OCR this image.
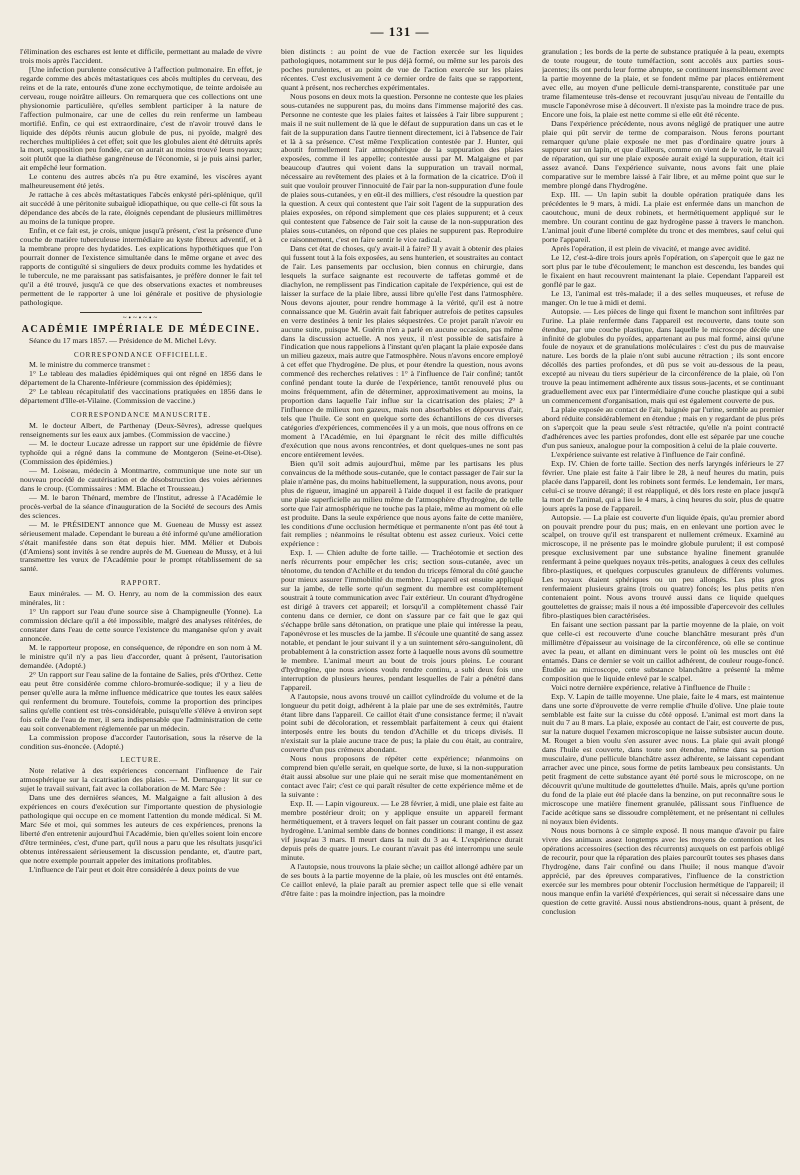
— 131 —

l'élimination des eschares est lente et difficile, permettant au malade de vivre trois mois après l'accident.

[Une infection purulente consécutive à l'affection pulmonaire. En effet, je regarde comme des abcès métastatiques ces abcès multiples du cerveau, des reins et de la rate, entourés d'une zone ecchymotique, de teinte ardoisée au cerveau, rouge noirâtre ailleurs. On remarquera que ces collections ont une physionomie particulière, qu'elles semblent participer à la nature de l'affection pulmonaire, car une de celles du rein renferme un lambeau mortifié. Enfin, ce qui est extraordinaire, c'est de n'avoir trouvé dans le liquide des dépôts réunis aucun globule de pus, ni pyoïde, malgré des recherches multipliées à cet effet; soit que les globules aient été détruits après la mort, supposition peu fondée, car on aurait au moins trouvé leurs noyaux; soit plutôt que la diathèse gangréneuse de l'économie, si je puis ainsi parler, ait empêché leur formation.

Le contenu des autres abcès n'a pu être examiné, les viscères ayant malheureusement été jetés.

Je rattache à ces abcès métastatiques l'abcès enkysté péri-splénique, qu'il ait succédé à une péritonite subaiguë idiopathique, ou que celle-ci fût sous la dépendance des abcès de la rate, éloignés cependant de plusieurs millimètres au moins de la tunique propre.

Enfin, et ce fait est, je crois, unique jusqu'à présent, c'est la présence d'une couche de matière tuberculeuse intermédiaire au kyste fibreux adventif, et à la membrane propre des hydatides. Les explications hypothétiques que l'on pourrait donner de l'existence simultanée dans le même organe et avec des rapports de contiguïté si singuliers de deux produits comme les hydatides et le tubercule, ne me paraissant pas satisfaisantes, je préfère donner le fait tel qu'il a été trouvé, jusqu'à ce que des observations exactes et nombreuses permettent de le rapporter à une loi générale et positive de physiologie pathologique.

~•~•~•~
ACADÉMIE IMPÉRIALE DE MÉDECINE.

Séance du 17 mars 1857. — Présidence de M. Michel Lévy.

CORRESPONDANCE OFFICIELLE.

M. le ministre du commerce transmet :

1° Le tableau des maladies épidémiques qui ont régné en 1856 dans le département de la Charente-Inférieure (commission des épidémies);

2° Le tableau récapitulatif des vaccinations pratiquées en 1856 dans le département d'Ille-et-Vilaine. (Commission de vaccine.)

CORRESPONDANCE MANUSCRITE.

M. le docteur Albert, de Parthenay (Deux-Sèvres), adresse quelques renseignements sur les eaux aux jambes. (Commission de vaccine.)

— M. le docteur Lucaze adresse un rapport sur une épidémie de fièvre typhoïde qui a régné dans la commune de Montgeron (Seine-et-Oise). (Commission des épidémies.)

— M. Loiseau, médecin à Montmartre, communique une note sur un nouveau procédé de cautérisation et de désobstruction des voies aériennes dans le croup. (Commissaires : MM. Blache et Trousseau.)

— M. le baron Thénard, membre de l'Institut, adresse à l'Académie le procès-verbal de la séance d'inauguration de la Société de secours des Amis des sciences.

— M. le PRÉSIDENT annonce que M. Gueneau de Mussy est assez sérieusement malade. Cependant le bureau a été informé qu'une amélioration s'était manifestée dans son état depuis hier. MM. Mélier et Dubois (d'Amiens) sont invités à se rendre auprès de M. Gueneau de Mussy, et à lui transmettre les vœux de l'Académie pour le prompt rétablissement de sa santé.

RAPPORT.

Eaux minérales. — M. O. Henry, au nom de la commission des eaux minérales, lit :

1° Un rapport sur l'eau d'une source sise à Champigneulle (Yonne). La commission déclare qu'il a été impossible, malgré des analyses réitérées, de constater dans l'eau de cette source l'existence du manganèse qu'on y avait annoncée.

M. le rapporteur propose, en conséquence, de répondre en son nom à M. le ministre qu'il n'y a pas lieu d'accorder, quant à présent, l'autorisation demandée. (Adopté.)

2° Un rapport sur l'eau saline de la fontaine de Salies, près d'Orthez. Cette eau peut être considérée comme chloro-bromurée-sodique; il y a lieu de penser qu'elle aura la même influence médicatrice que toutes les eaux salées qui renferment du bromure. Toutefois, comme la proportion des principes salins qu'elle contient est très-considérable, puisqu'elle s'élève à environ sept fois celle de l'eau de mer, il sera indispensable que l'administration de cette eau soit convenablement réglementée par un médecin.

La commission propose d'accorder l'autorisation, sous la réserve de la condition sus-énoncée. (Adopté.)

LECTURE.

Note relative à des expériences concernant l'influence de l'air atmosphérique sur la cicatrisation des plaies. — M. Demarquay lit sur ce sujet le travail suivant, fait avec la collaboration de M. Marc Sée :

Dans une des dernières séances, M. Malgaigne a fait allusion à des expériences en cours d'exécution sur l'importante question de physiologie pathologique qui occupe en ce moment l'attention du monde médical. Si M. Marc Sée et moi, qui sommes les auteurs de ces expériences, prenons la liberté d'en entretenir aujourd'hui l'Académie, bien qu'elles soient loin encore d'être terminées, c'est, d'une part, qu'il nous a paru que les résultats jusqu'ici obtenus intéressaient sérieusement la discussion pendante, et, d'autre part, que notre exemple pourrait appeler des imitations profitables.

L'influence de l'air peut et doit être considérée à deux points de vue

bien distincts : au point de vue de l'action exercée sur les liquides pathologiques, notamment sur le pus déjà formé, ou même sur les parois des poches purulentes, et au point de vue de l'action exercée sur les plaies récentes. C'est exclusivement à ce dernier ordre de faits que se rapportent, quant à présent, nos recherches expérimentales.

Nous posons en deux mots la question. Personne ne conteste que les plaies sous-cutanées ne suppurent pas, du moins dans l'immense majorité des cas. Personne ne conteste que les plaies faites et laissées à l'air libre suppurent ; mais il ne suit nullement de là que le défaut de suppuration dans un cas et le fait de la suppuration dans l'autre tiennent directement, ici à l'absence de l'air et là à sa présence. C'est même l'explication contestée par J. Hunter, qui aboutit formellement l'air atmosphérique de la suppuration des plaies exposées, comme il les appelle; contestée aussi par M. Malgaigne et par beaucoup d'autres qui voient dans la suppuration un travail normal, nécessaire au revêtement des plaies et à la formation de la cicatrice. D'où il suit que vouloir prouver l'innocuité de l'air par la non-suppuration d'une foule de plaies sous-cutanées, y en eût-il des milliers, c'est résoudre la question par la question. A ceux qui contestent que l'air soit l'agent de la suppuration des plaies exposées, on répond simplement que ces plaies suppurent; et à ceux qui contestent que l'absence de l'air soit la cause de la non-suppuration des plaies sous-cutanées, on répond que ces plaies ne suppurent pas. Reproduire ce raisonnement, c'est en faire sentir le vice radical.

Dans cet état de choses, qu'y avait-il à faire? Il y avait à obtenir des plaies qui fussent tout à la fois exposées, au sens hunterien, et soustraites au contact de l'air. Les pansements par occlusion, bien connus en chirurgie, dans lesquels la surface saignante est recouverte de taffetas gommé et de diachylon, ne remplissent pas l'indication capitale de l'expérience, qui est de laisser la surface de la plaie libre, aussi libre qu'elle l'est dans l'atmosphère. Nous devons ajouter, pour rendre hommage à la vérité, qu'il est à notre connaissance que M. Guérin avait fait fabriquer autrefois de petites capsules en verre destinées à tenir les plaies séquestrées. Ce projet paraît n'avoir eu aucune suite, puisque M. Guérin n'en a parlé en aucune occasion, pas même dans la discussion actuelle. A nos yeux, il n'est possible de satisfaire à l'indication que nous rappelions à l'instant qu'en plaçant la plaie exposée dans un milieu gazeux, mais autre que l'atmosphère. Nous n'avons encore employé à cet effet que l'hydrogène. De plus, et pour étendre la question, nous avons commencé des recherches relatives : 1° à l'influence de l'air confiné; tantôt confiné pendant toute la durée de l'expérience, tantôt renouvelé plus ou moins fréquemment, afin de déterminer, approximativement au moins, la proportion dans laquelle l'air influe sur la cicatrisation des plaies; 2° à l'influence de milieux non gazeux, mais non absorbables et dépourvus d'air, tels que l'huile. Ce sont en quelque sorte des échantillons de ces diverses catégories d'expériences, commencées il y a un mois, que nous offrons en ce moment à l'Académie, en lui épargnant le récit des mille difficultés d'exécution que nous avons rencontrées, et dont quelques-unes ne sont pas encore entièrement levées.

Bien qu'il soit admis aujourd'hui, même par les partisans les plus convaincus de la méthode sous-cutanée, que le contact passager de l'air sur la plaie n'amène pas, du moins habituellement, la suppuration, nous avons, pour plus de rigueur, imaginé un appareil à l'aide duquel il est facile de pratiquer une plaie superficielle au milieu même de l'atmosphère d'hydrogène, de telle sorte que l'air atmosphérique ne touche pas la plaie, même au moment où elle est produite. Dans la seule expérience que nous ayons faite de cette manière, les conditions d'une occlusion hermétique et permanente n'ont pas été tout à fait remplies ; néanmoins le résultat obtenu est assez curieux. Voici cette expérience :

Exp. I. — Chien adulte de forte taille. — Trachéotomie et section des nerfs récurrents pour empêcher les cris; section sous-cutanée, avec un ténotome, du tendon d'Achille et du tendon du triceps fémoral du côté gauche pour mieux assurer l'immobilité du membre. L'appareil est ensuite appliqué sur la jambe, de telle sorte qu'un segment du membre est complètement soustrait à toute communication avec l'air extérieur. Un courant d'hydrogène est dirigé à travers cet appareil; et lorsqu'il a complètement chassé l'air contenu dans ce dernier, ce dont on s'assure par ce fait que le gaz qui s'échappe brûle sans détonation, on pratique une plaie qui intéresse la peau, l'aponévrose et les muscles de la jambe. Il s'écoule une quantité de sang assez notable, et pendant le jour suivant il y a un suintement séro-sanguinolent, dû probablement à la constriction assez forte à laquelle nous avons dû soumettre le membre. L'animal meurt au bout de trois jours pleins. Le courant d'hydrogène, que nous avions voulu rendre continu, a subi deux fois une interruption de plusieurs heures, pendant lesquelles de l'air a pénétré dans l'appareil.

A l'autopsie, nous avons trouvé un caillot cylindroïde du volume et de la longueur du petit doigt, adhérent à la plaie par une de ses extrémités, l'autre étant libre dans l'appareil. Ce caillot était d'une consistance ferme; il n'avait point subi de décoloration, et ressemblait parfaitement à ceux qui étaient interposés entre les bouts du tendon d'Achille et du triceps divisés. Il n'existait sur la plaie aucune trace de pus; la plaie du cou était, au contraire, couverte d'un pus crémeux abondant.

Nous nous proposons de répéter cette expérience; néanmoins on comprend bien qu'elle serait, en quelque sorte, de luxe, si la non-suppuration était aussi absolue sur une plaie qui ne serait mise que momentanément en contact avec l'air; c'est ce qui paraît résulter de cette expérience même et de la suivante :

Exp. II. — Lapin vigoureux. — Le 28 février, à midi, une plaie est faite au membre postérieur droit; on y applique ensuite un appareil fermant hermétiquement, et à travers lequel on fait passer un courant continu de gaz hydrogène. L'animal semble dans de bonnes conditions: il mange, il est assez vif jusqu'au 3 mars. Il meurt dans la nuit du 3 au 4. L'expérience durait depuis près de quatre jours. Le courant n'avait pas été interrompu une seule minute.

A l'autopsie, nous trouvons la plaie sèche; un caillot allongé adhère par un de ses bouts à la partie moyenne de la plaie, où les muscles ont été entamés. Ce caillot enlevé, la plaie paraît au premier aspect telle que si elle venait d'être faite : pas la moindre injection, pas la moindre

granulation ; les bords de la perte de substance pratiquée à la peau, exempts de toute rougeur, de toute tuméfaction, sont accolés aux parties sous-jacentes; ils ont perdu leur forme abrupte, se continuent insensiblement avec la partie moyenne de la plaie, et se fondent même par places entièrement avec elle, au moyen d'une pellicule demi-transparente, constituée par une trame filamenteuse très-dense et recouvrant jusqu'au niveau de l'entaille du muscle l'aponévrose mise à découvert. Il n'existe pas la moindre trace de pus. Encore une fois, la plaie est nette comme si elle eût été récente.

Dans l'expérience précédente, nous avons négligé de pratiquer une autre plaie qui pût servir de terme de comparaison. Nous ferons pourtant remarquer qu'une plaie exposée ne met pas d'ordinaire quatre jours à suppurer sur un lapin, et que d'ailleurs, comme on vient de le voir, le travail de réparation, qui sur une plaie exposée aurait exigé la suppuration, était ici assez avancé. Dans l'expérience suivante, nous avons fait une plaie comparative sur le membre laissé à l'air libre, et au même point que sur le membre plongé dans l'hydrogène.

Exp. III. — Un lapin subit la double opération pratiquée dans les précédentes le 9 mars, à midi. La plaie est enfermée dans un manchon de caoutchouc, muni de deux robinets, et hermétiquement appliqué sur le membre. Un courant continu de gaz hydrogène passe à travers le manchon. L'animal jouit d'une liberté complète du tronc et des membres, sauf celui qui porte l'appareil.

Après l'opération, il est plein de vivacité, et mange avec avidité.

Le 12, c'est-à-dire trois jours après l'opération, on s'aperçoit que le gaz ne sort plus par le tube d'écoulement; le manchon est descendu, les bandes qui le fixaient en haut recouvrent maintenant la plaie. Cependant l'appareil est gonflé par le gaz.

Le 13, l'animal est très-malade; il a des selles muqueuses, et refuse de manger. On le tue à midi et demi.

Autopsie. — Les pièces de linge qui fixent le manchon sont infiltrées par l'urine. La plaie renfermée dans l'appareil est recouverte, dans toute son étendue, par une couche plastique, dans laquelle le microscope décèle une infinité de globules du pyoïdes, appartenant au pus mal formé, ainsi qu'une foule de noyaux et de granulations moléculaires : c'est du pus de mauvaise nature. Les bords de la plaie n'ont subi aucune rétraction ; ils sont encore décollés des parties profondes, et dû pus se voit au-dessous de la peau, excepté au niveau du tiers supérieur de la circonférence de la plaie, où l'on trouve la peau intimement adhérente aux tissus sous-jacents, et se continuant graduellement avec eux par l'intermédiaire d'une couche plastique qui a subi un commencement d'organisation, mais qui est également couverte de pus.

La plaie exposée au contact de l'air, baignée par l'urine, semble au premier abord réduite considérablement en étendue ; mais en y regardant de plus près on s'aperçoit que la peau seule s'est rétractée, qu'elle n'a point contracté d'adhérences avec les parties profondes, dont elle est séparée par une couche d'un pus sanieux, analogue pour la composition à celui de la plaie couverte.

L'expérience suivante est relative à l'influence de l'air confiné.

Exp. IV. Chien de forte taille. Section des nerfs laryngés inférieurs le 27 février. Une plaie est faite à l'air libre le 28, à neuf heures du matin, puis placée dans l'appareil, dont les robinets sont fermés. Le lendemain, 1er mars, celui-ci se trouve dérangé; il est réappliqué, et dès lors reste en place jusqu'à la mort de l'animal, qui a lieu le 4 mars, à cinq heures du soir, plus de quatre jours après la pose de l'appareil.

Autopsie. — La plaie est couverte d'un liquide épais, qu'au premier abord on pouvait prendre pour du pus; mais, en en enlevant une portion avec le scalpel, on trouve qu'il est transparent et nullement crémeux. Examiné au microscope, il ne présente pas le moindre globule purulent; il est composé presque exclusivement par une substance hyaline finement granulée renfermant à peine quelques noyaux très-petits, analogues à ceux des cellules fibro-plastiques, et quelques corpuscules granuleux de différents volumes. Les noyaux étaient sphériques ou un peu allongés. Les plus gros renfermaient plusieurs grains (trois ou quatre) foncés; les plus petits n'en contenaient point. Nous avons trouvé aussi dans ce liquide quelques gouttelettes de graisse; mais il nous a été impossible d'apercevoir des cellules fibro-plastiques bien caractérisées.

En faisant une section passant par la partie moyenne de la plaie, on voit que celle-ci est recouverte d'une couche blanchâtre mesurant près d'un millimètre d'épaisseur au voisinage de la circonférence, où elle se continue avec la peau, et allant en diminuant vers le point où les muscles ont été entamés. Dans ce dernier se voit un caillot adhérent, de couleur rouge-foncé. Étudiée au microscope, cette substance blanchâtre a présenté la même composition que le liquide enlevé par le scalpel.

Voici notre dernière expérience, relative à l'influence de l'huile :

Exp. V. Lapin de taille moyenne. Une plaie, faite le 4 mars, est maintenue dans une sorte d'éprouvette de verre remplie d'huile d'olive. Une plaie toute semblable est faite sur la cuisse du côté opposé. L'animal est mort dans la nuit du 7 au 8 mars. La plaie, exposée au contact de l'air, est couverte de pus, sur la nature duquel l'examen microscopique ne laisse subsister aucun doute. M. Rouget a bien voulu s'en assurer avec nous. La plaie qui avait plongé dans l'huile est couverte, dans toute son étendue, même dans sa portion musculaire, d'une pellicule blanchâtre assez adhérente, se laissant cependant arracher avec une pince, sous forme de petits lambeaux peu consistants. Un petit fragment de cette substance ayant été porté sous le microscope, on ne découvrit qu'une multitude de gouttelettes d'huile. Mais, après qu'une portion du fond de la plaie eut été placée dans la benzine, on put reconnaître sous le microscope une matière finement granulée, pâlissant sous l'influence de l'acide acétique sans se dissoudre complètement, et ne présentant ni cellules ni noyaux bien évidents.

Nous nous bornons à ce simple exposé. Il nous manque d'avoir pu faire vivre des animaux assez longtemps avec les moyens de contention et les opérations accessoires (section des récurrents) auxquels on est parfois obligé de recourir, pour que la réparation des plaies parcourût toutes ses phases dans l'hydrogène, dans l'air confiné ou dans l'huile; il nous manque d'avoir apprécié, par des épreuves comparatives, l'influence de la constriction exercée sur les membres pour obtenir l'occlusion hermétique de l'appareil; il nous manque enfin la variété d'expériences, qui serait si nécessaire dans une question de cette gravité. Aussi nous abstiendrons-nous, quant à présent, de conclusion
